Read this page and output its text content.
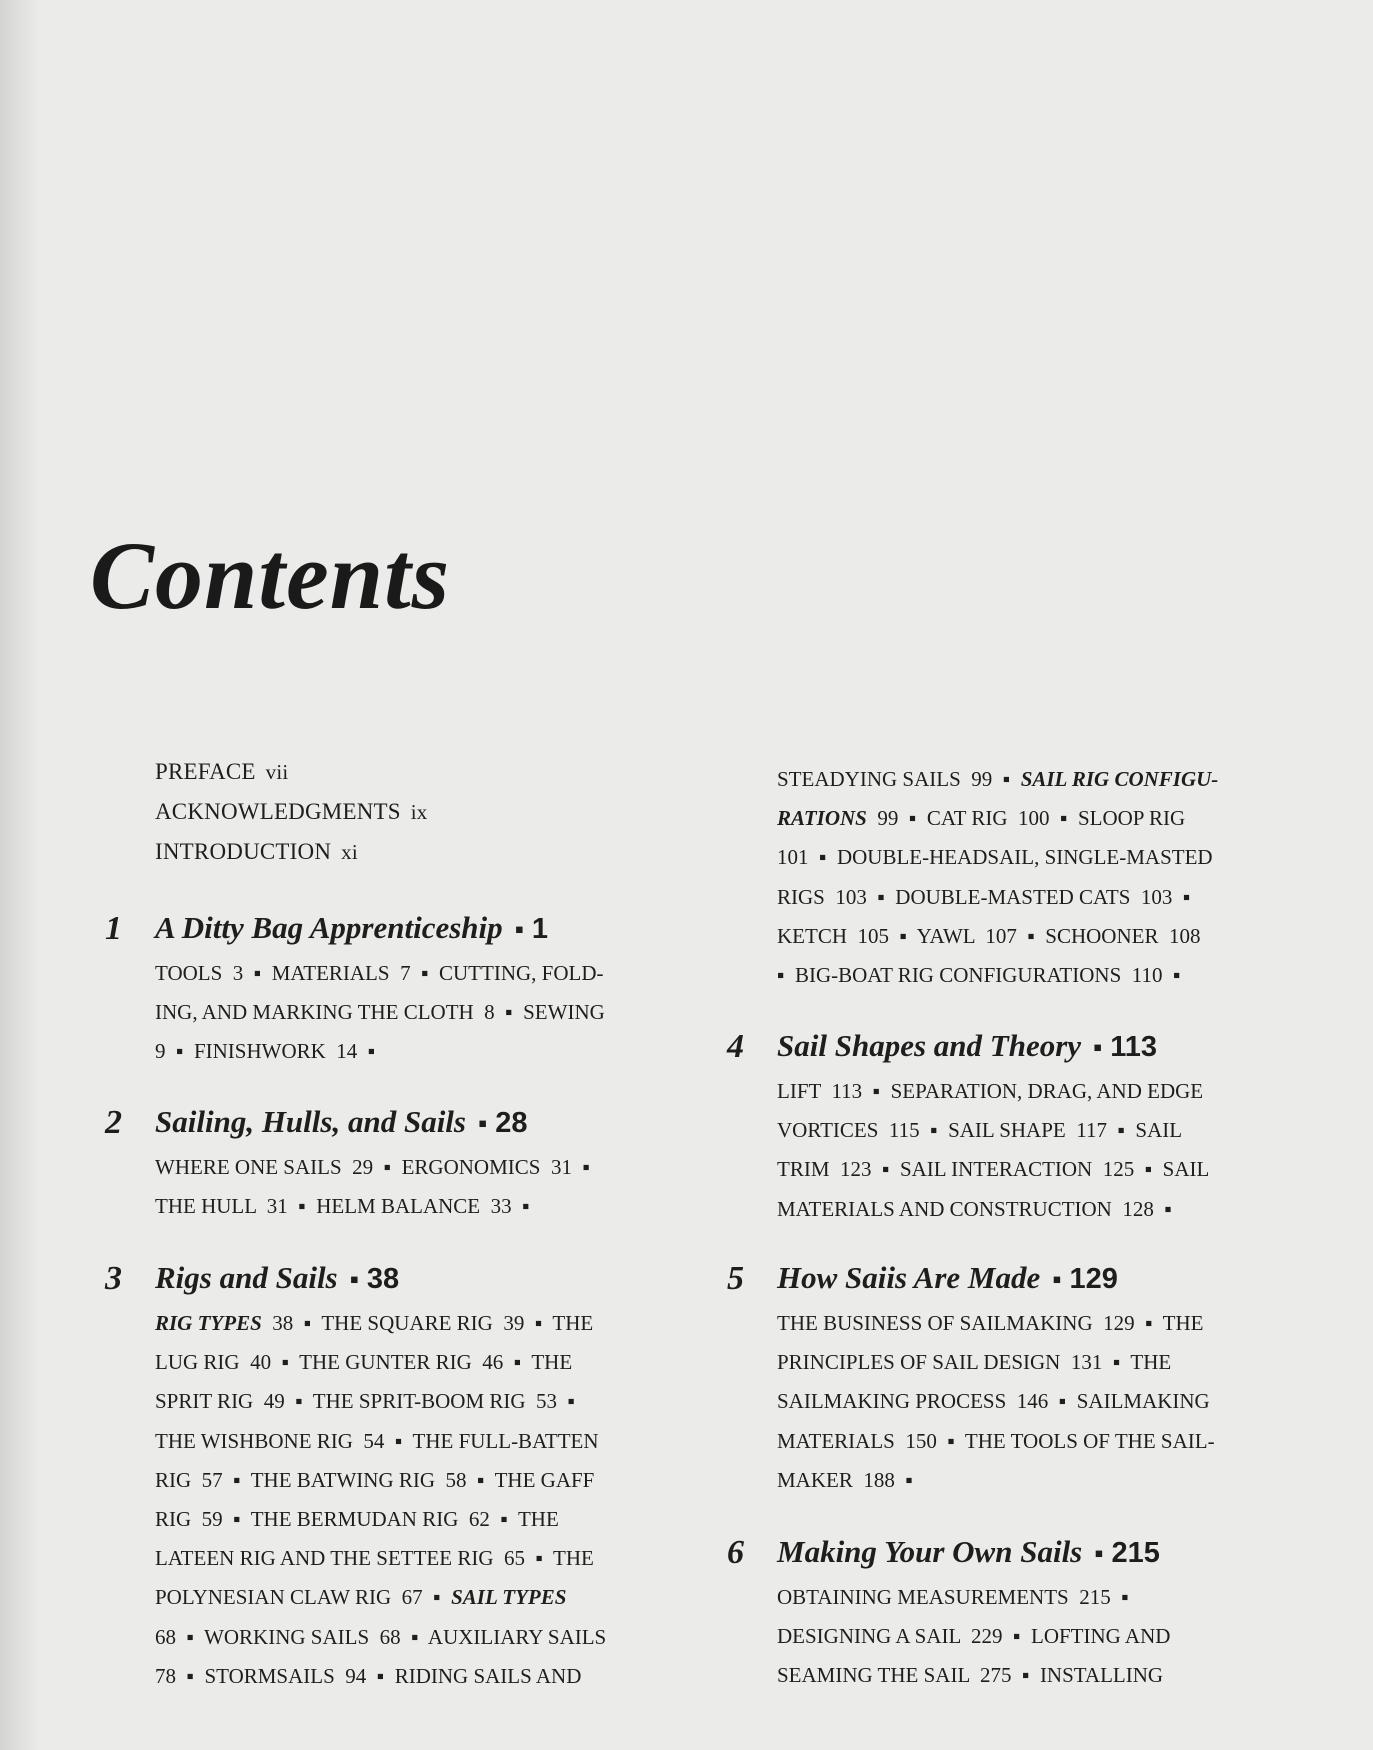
Contents
PREFACE vii
ACKNOWLEDGMENTS ix
INTRODUCTION xi
1 A Ditty Bag Apprenticeship ▪ 1
TOOLS  3  ▪  MATERIALS  7  ▪  CUTTING, FOLD-
ING, AND MARKING THE CLOTH  8  ▪  SEWING
9  ▪  FINISHWORK  14  ▪
2 Sailing, Hulls, and Sails ▪ 28
WHERE ONE SAILS  29  ▪  ERGONOMICS  31  ▪
THE HULL  31  ▪  HELM BALANCE  33  ▪
3 Rigs and Sails ▪ 38
RIG TYPES  38  ▪  THE SQUARE RIG  39  ▪  THE
LUG RIG  40  ▪  THE GUNTER RIG  46  ▪  THE
SPRIT RIG  49  ▪  THE SPRIT-BOOM RIG  53  ▪
THE WISHBONE RIG  54  ▪  THE FULL-BATTEN
RIG  57  ▪  THE BATWING RIG  58  ▪  THE GAFF
RIG  59  ▪  THE BERMUDAN RIG  62  ▪  THE
LATEEN RIG AND THE SETTEE RIG  65  ▪  THE
POLYNESIAN CLAW RIG  67  ▪  SAIL TYPES
68  ▪  WORKING SAILS  68  ▪  AUXILIARY SAILS
78  ▪  STORMSAILS  94  ▪  RIDING SAILS AND
STEADYING SAILS  99  ▪  SAIL RIG CONFIGU-
RATIONS  99  ▪  CAT RIG  100  ▪  SLOOP RIG
101  ▪  DOUBLE-HEADSAIL, SINGLE-MASTED
RIGS  103  ▪  DOUBLE-MASTED CATS  103  ▪
KETCH  105  ▪  YAWL  107  ▪  SCHOONER  108
▪  BIG-BOAT RIG CONFIGURATIONS  110  ▪
4 Sail Shapes and Theory ▪ 113
LIFT  113  ▪  SEPARATION, DRAG, AND EDGE
VORTICES  115  ▪  SAIL SHAPE  117  ▪  SAIL
TRIM  123  ▪  SAIL INTERACTION  125  ▪  SAIL
MATERIALS AND CONSTRUCTION  128  ▪
5 How Saiis Are Made ▪ 129
THE BUSINESS OF SAILMAKING  129  ▪  THE
PRINCIPLES OF SAIL DESIGN  131  ▪  THE
SAILMAKING PROCESS  146  ▪  SAILMAKING
MATERIALS  150  ▪  THE TOOLS OF THE SAIL-
MAKER  188  ▪
6 Making Your Own Sails ▪ 215
OBTAINING MEASUREMENTS  215  ▪
DESIGNING A SAIL  229  ▪  LOFTING AND
SEAMING THE SAIL  275  ▪  INSTALLING
